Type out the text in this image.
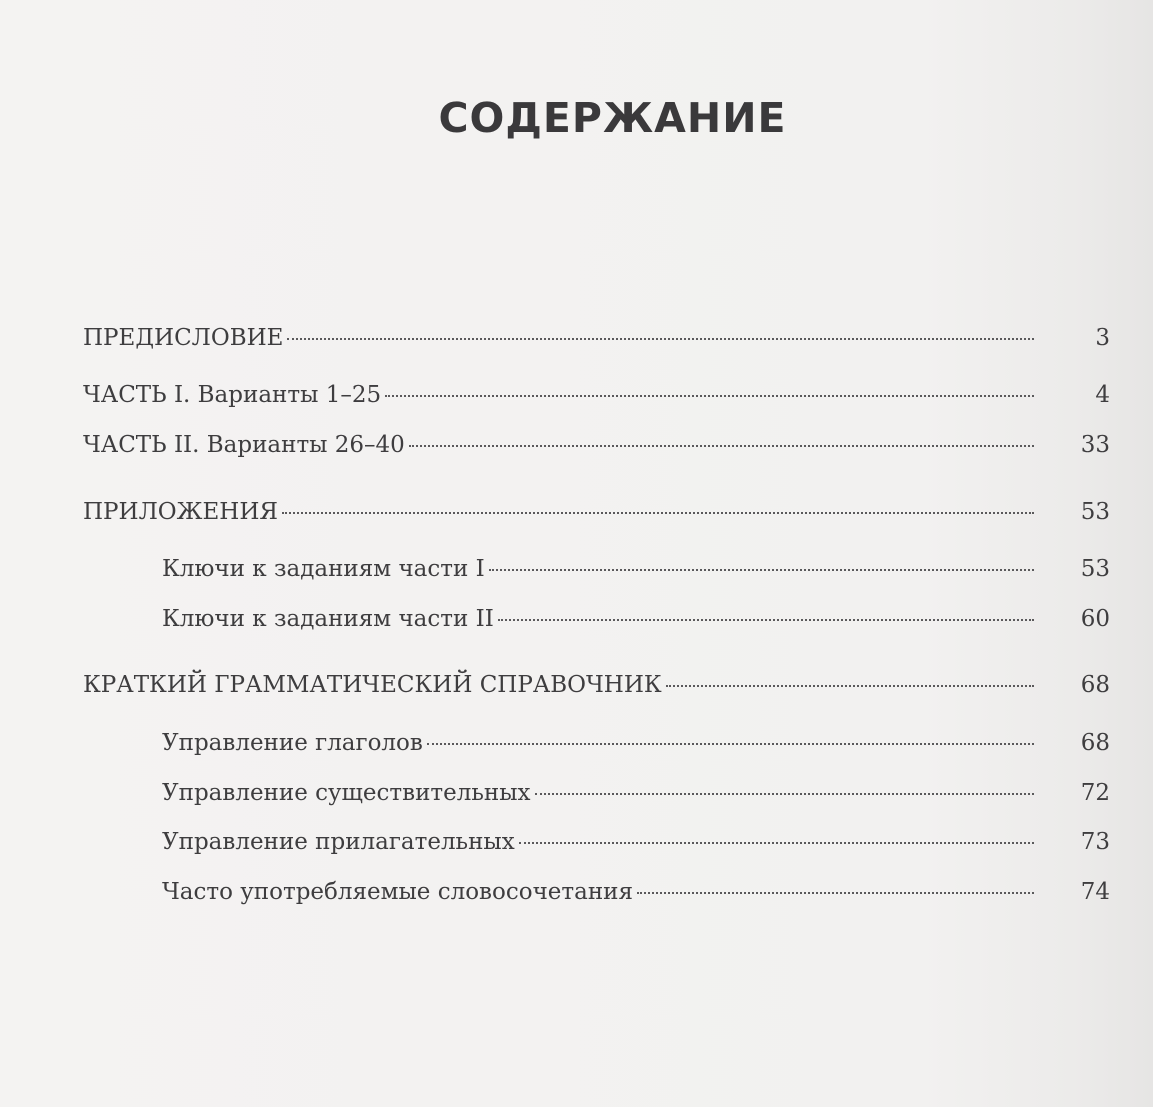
СОДЕРЖАНИЕ
ПРЕДИСЛОВИЕ	3
ЧАСТЬ I. Варианты 1–25	4
ЧАСТЬ II. Варианты 26–40	33
ПРИЛОЖЕНИЯ	53
Ключи к заданиям части I	53
Ключи к заданиям части II	60
КРАТКИЙ ГРАММАТИЧЕСКИЙ СПРАВОЧНИК	68
Управление глаголов	68
Управление существительных	72
Управление прилагательных	73
Часто употребляемые словосочетания	74
